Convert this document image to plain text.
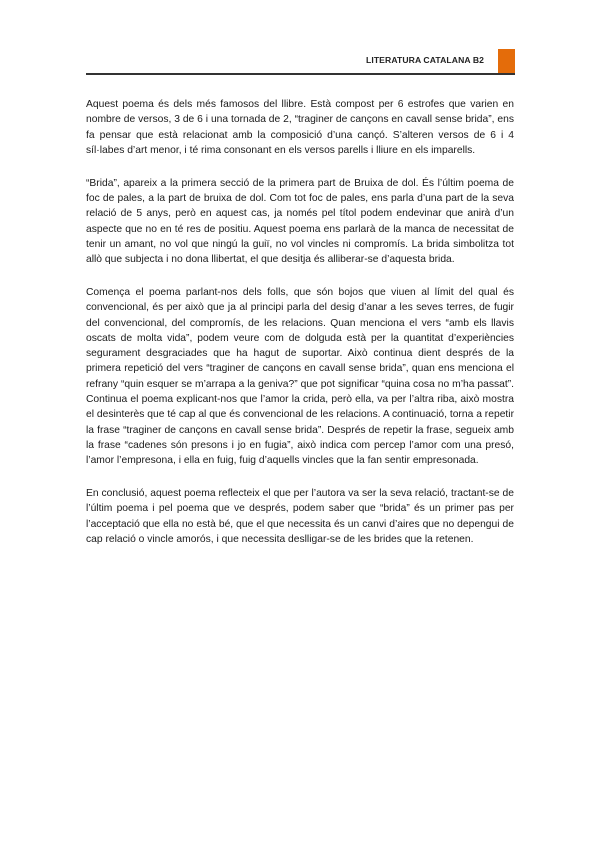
LITERATURA CATALANA B2

Aquest poema és dels més famosos del llibre. Està compost per 6 estrofes que varien en nombre de versos, 3 de 6 i una tornada de 2, “traginer de cançons en cavall sense brida”, ens fa pensar que està relacionat amb la composició d’una cançó. S’alteren versos de 6 i 4 síl·labes d’art menor, i té rima consonant en els versos parells i lliure en els imparells.

“Brida”, apareix a la primera secció de la primera part de Bruixa de dol. És l’últim poema de foc de pales, a la part de bruixa de dol. Com tot foc de pales, ens parla d’una part de la seva relació de 5 anys, però en aquest cas, ja només pel títol podem endevinar que anirà d’un aspecte que no en té res de positiu. Aquest poema ens parlarà de la manca de necessitat de tenir un amant, no vol que ningú la guiï, no vol vincles ni compromís. La brida simbolitza tot allò que subjecta i no dona llibertat, el que desitja és alliberar-se d’aquesta brida.

Comença el poema parlant-nos dels folls, que són bojos que viuen al límit del qual és convencional, és per això que ja al principi parla del desig d’anar a les seves terres, de fugir del convencional, del compromís, de les relacions. Quan menciona el vers “amb els llavis oscats de molta vida”, podem veure com de dolguda està per la quantitat d’experiències segurament desgraciades que ha hagut de suportar. Això continua dient després de la primera repetició del vers “traginer de cançons en cavall sense brida”, quan ens menciona el refrany “quin esquer se m’arrapa a la geniva?” que pot significar “quina cosa no m’ha passat”. Continua el poema explicant-nos que l’amor la crida, però ella, va per l’altra riba, això mostra el desinterès que té cap al que és convencional de les relacions. A continuació, torna a repetir la frase “traginer de cançons en cavall sense brida”. Després de repetir la frase, segueix amb la frase “cadenes són presons i jo en fugia”, això indica com percep l’amor com una presó, l’amor l’empresona, i ella en fuig, fuig d’aquells vincles que la fan sentir empresonada.

En conclusió, aquest poema reflecteix el que per l’autora va ser la seva relació, tractant-se de l’últim poema i pel poema que ve després, podem saber que “brida” és un primer pas per l’acceptació que ella no està bé, que el que necessita és un canvi d’aires que no depengui de cap relació o vincle amorós, i que necessita deslligar-se de les brides que la retenen.
